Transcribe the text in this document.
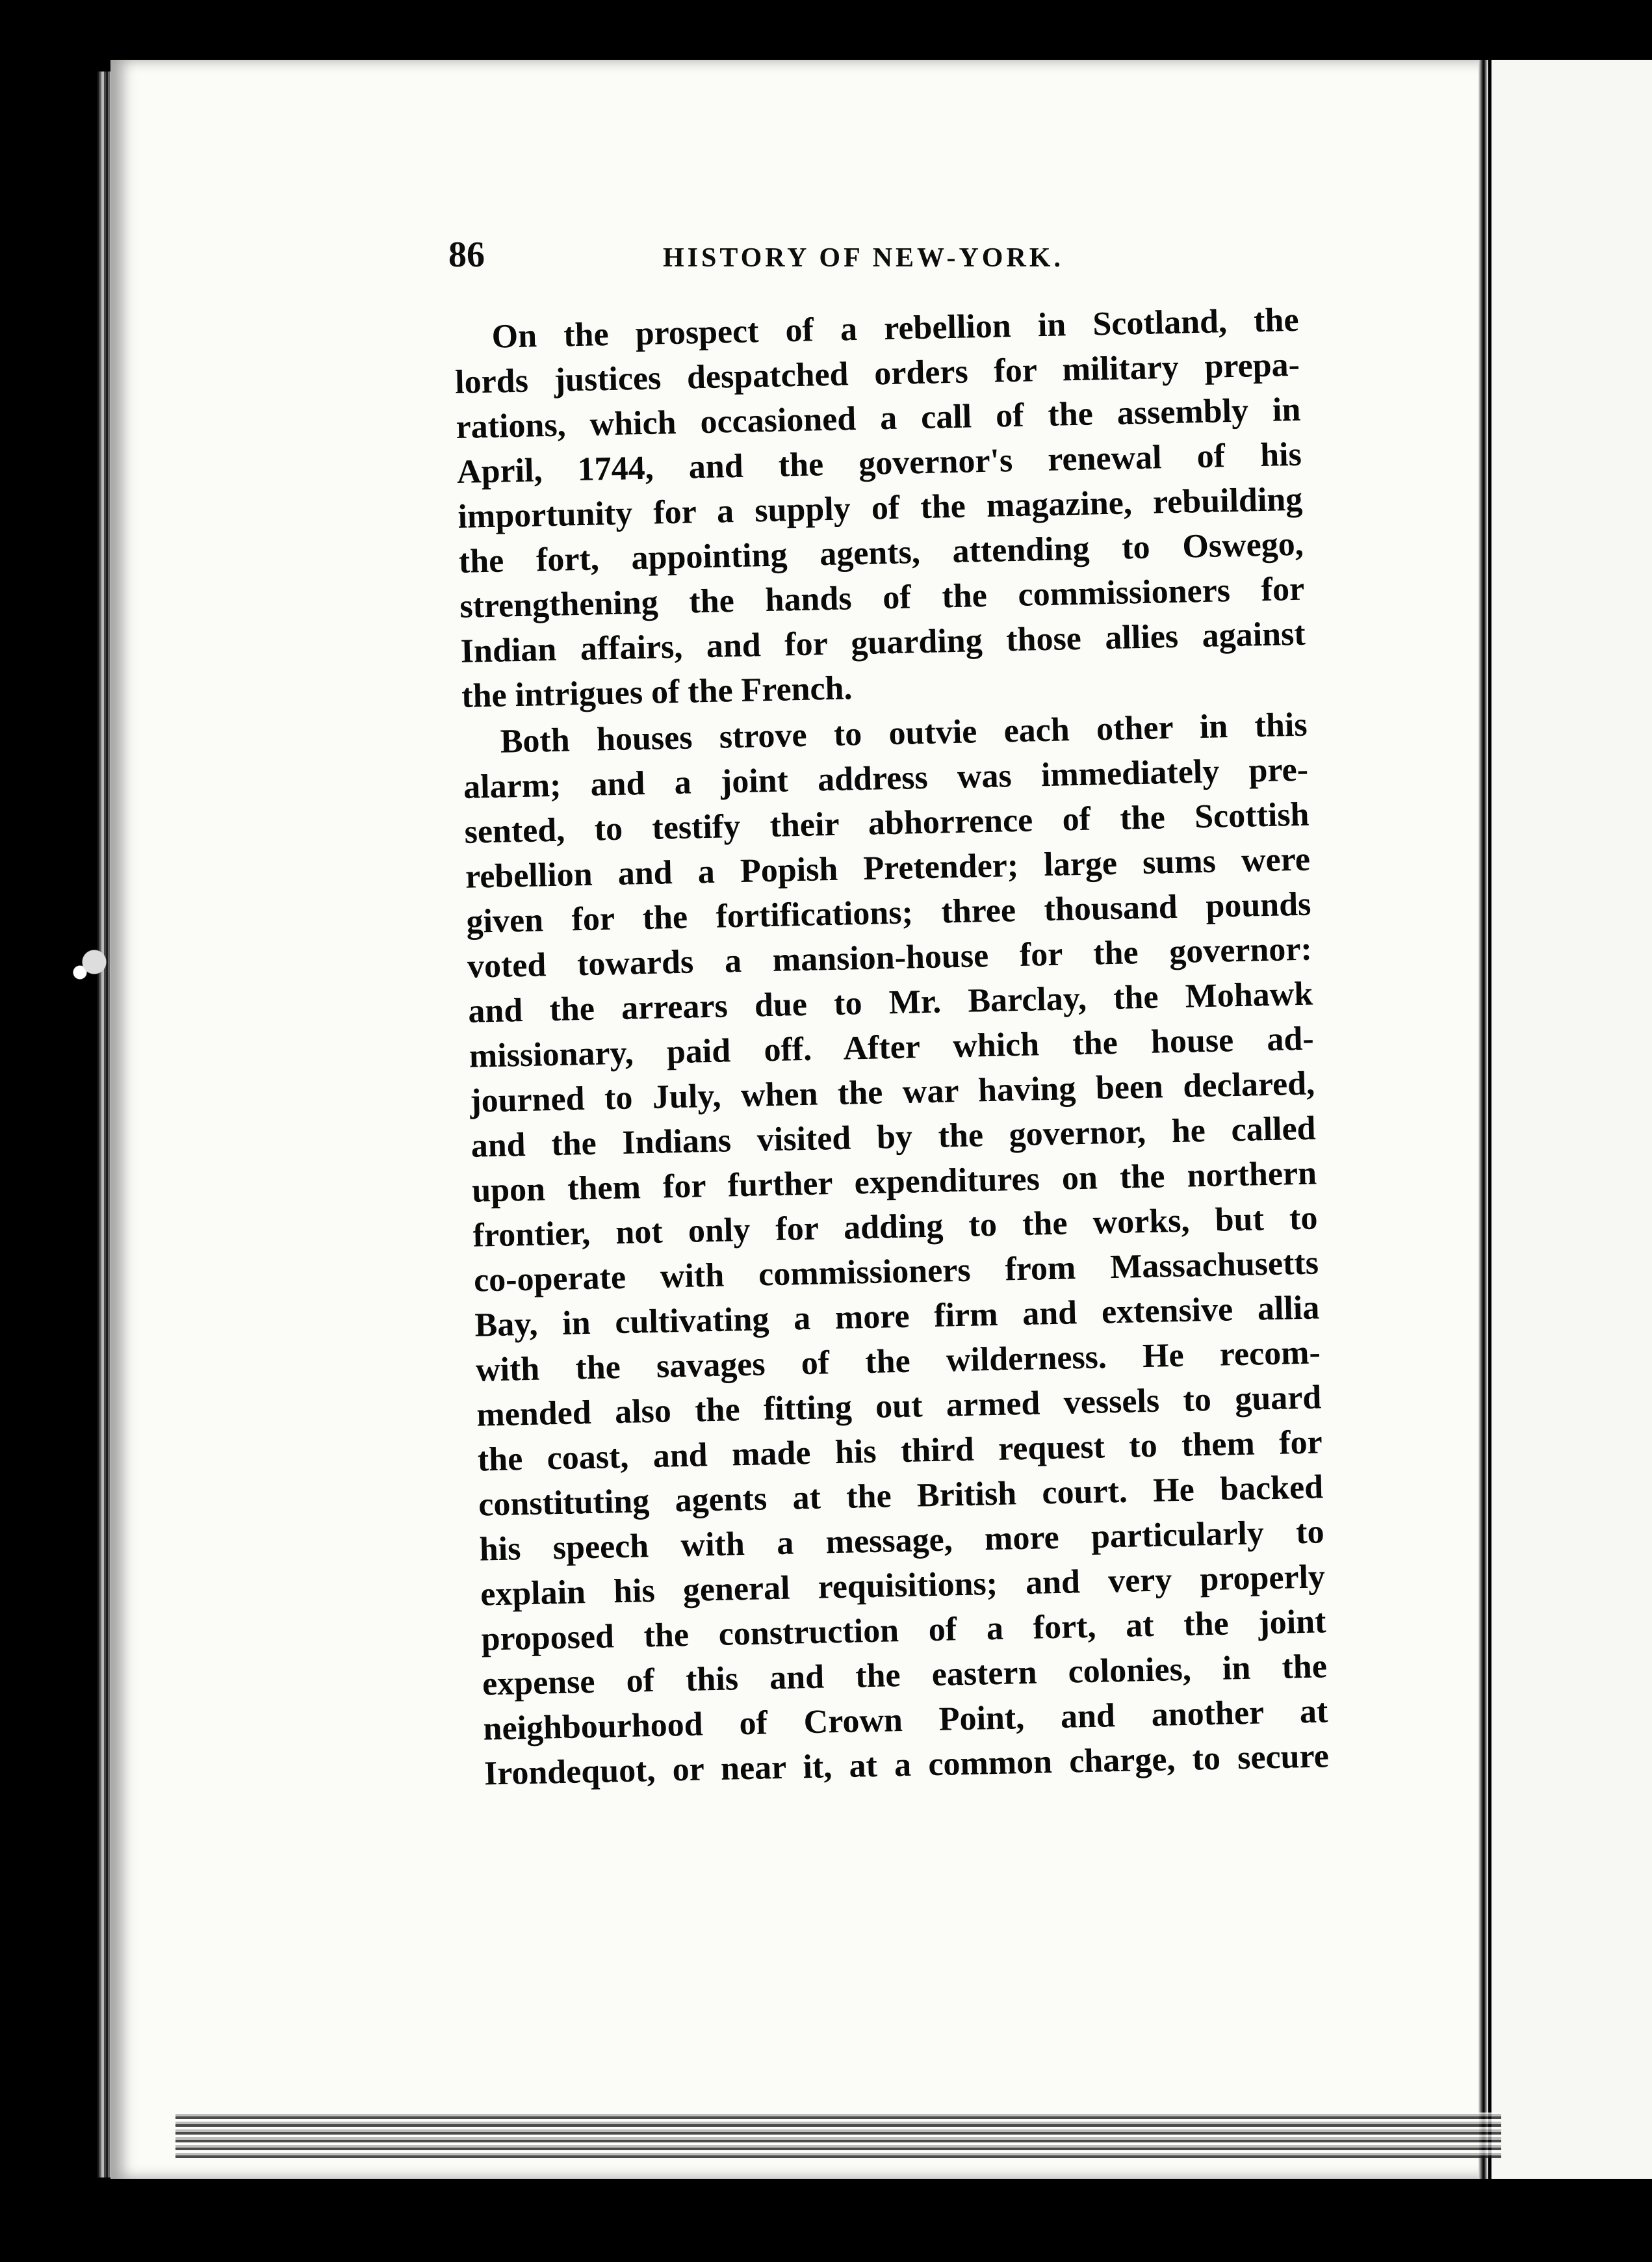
86	HISTORY OF NEW-YORK.
On the prospect of a rebellion in Scotland, the
lords justices despatched orders for military prepa-
rations, which occasioned a call of the assembly in
April, 1744, and the governor's renewal of his
importunity for a supply of the magazine, rebuilding
the fort, appointing agents, attending to Oswego,
strengthening the hands of the commissioners for
Indian affairs, and for guarding those allies against
the intrigues of the French.
Both houses strove to outvie each other in this
alarm; and a joint address was immediately pre-
sented, to testify their abhorrence of the Scottish
rebellion and a Popish Pretender; large sums were
given for the fortifications; three thousand pounds
voted towards a mansion-house for the governor:
and the arrears due to Mr. Barclay, the Mohawk
missionary, paid off. After which the house ad-
journed to July, when the war having been declared,
and the Indians visited by the governor, he called
upon them for further expenditures on the northern
frontier, not only for adding to the works, but to
co-operate with commissioners from Massachusetts
Bay, in cultivating a more firm and extensive allia
with the savages of the wilderness. He recom-
mended also the fitting out armed vessels to guard
the coast, and made his third request to them for
constituting agents at the British court. He backed
his speech with a message, more particularly to
explain his general requisitions; and very properly
proposed the construction of a fort, at the joint
expense of this and the eastern colonies, in the
neighbourhood of Crown Point, and another at
Irondequot, or near it, at a common charge, to secure
